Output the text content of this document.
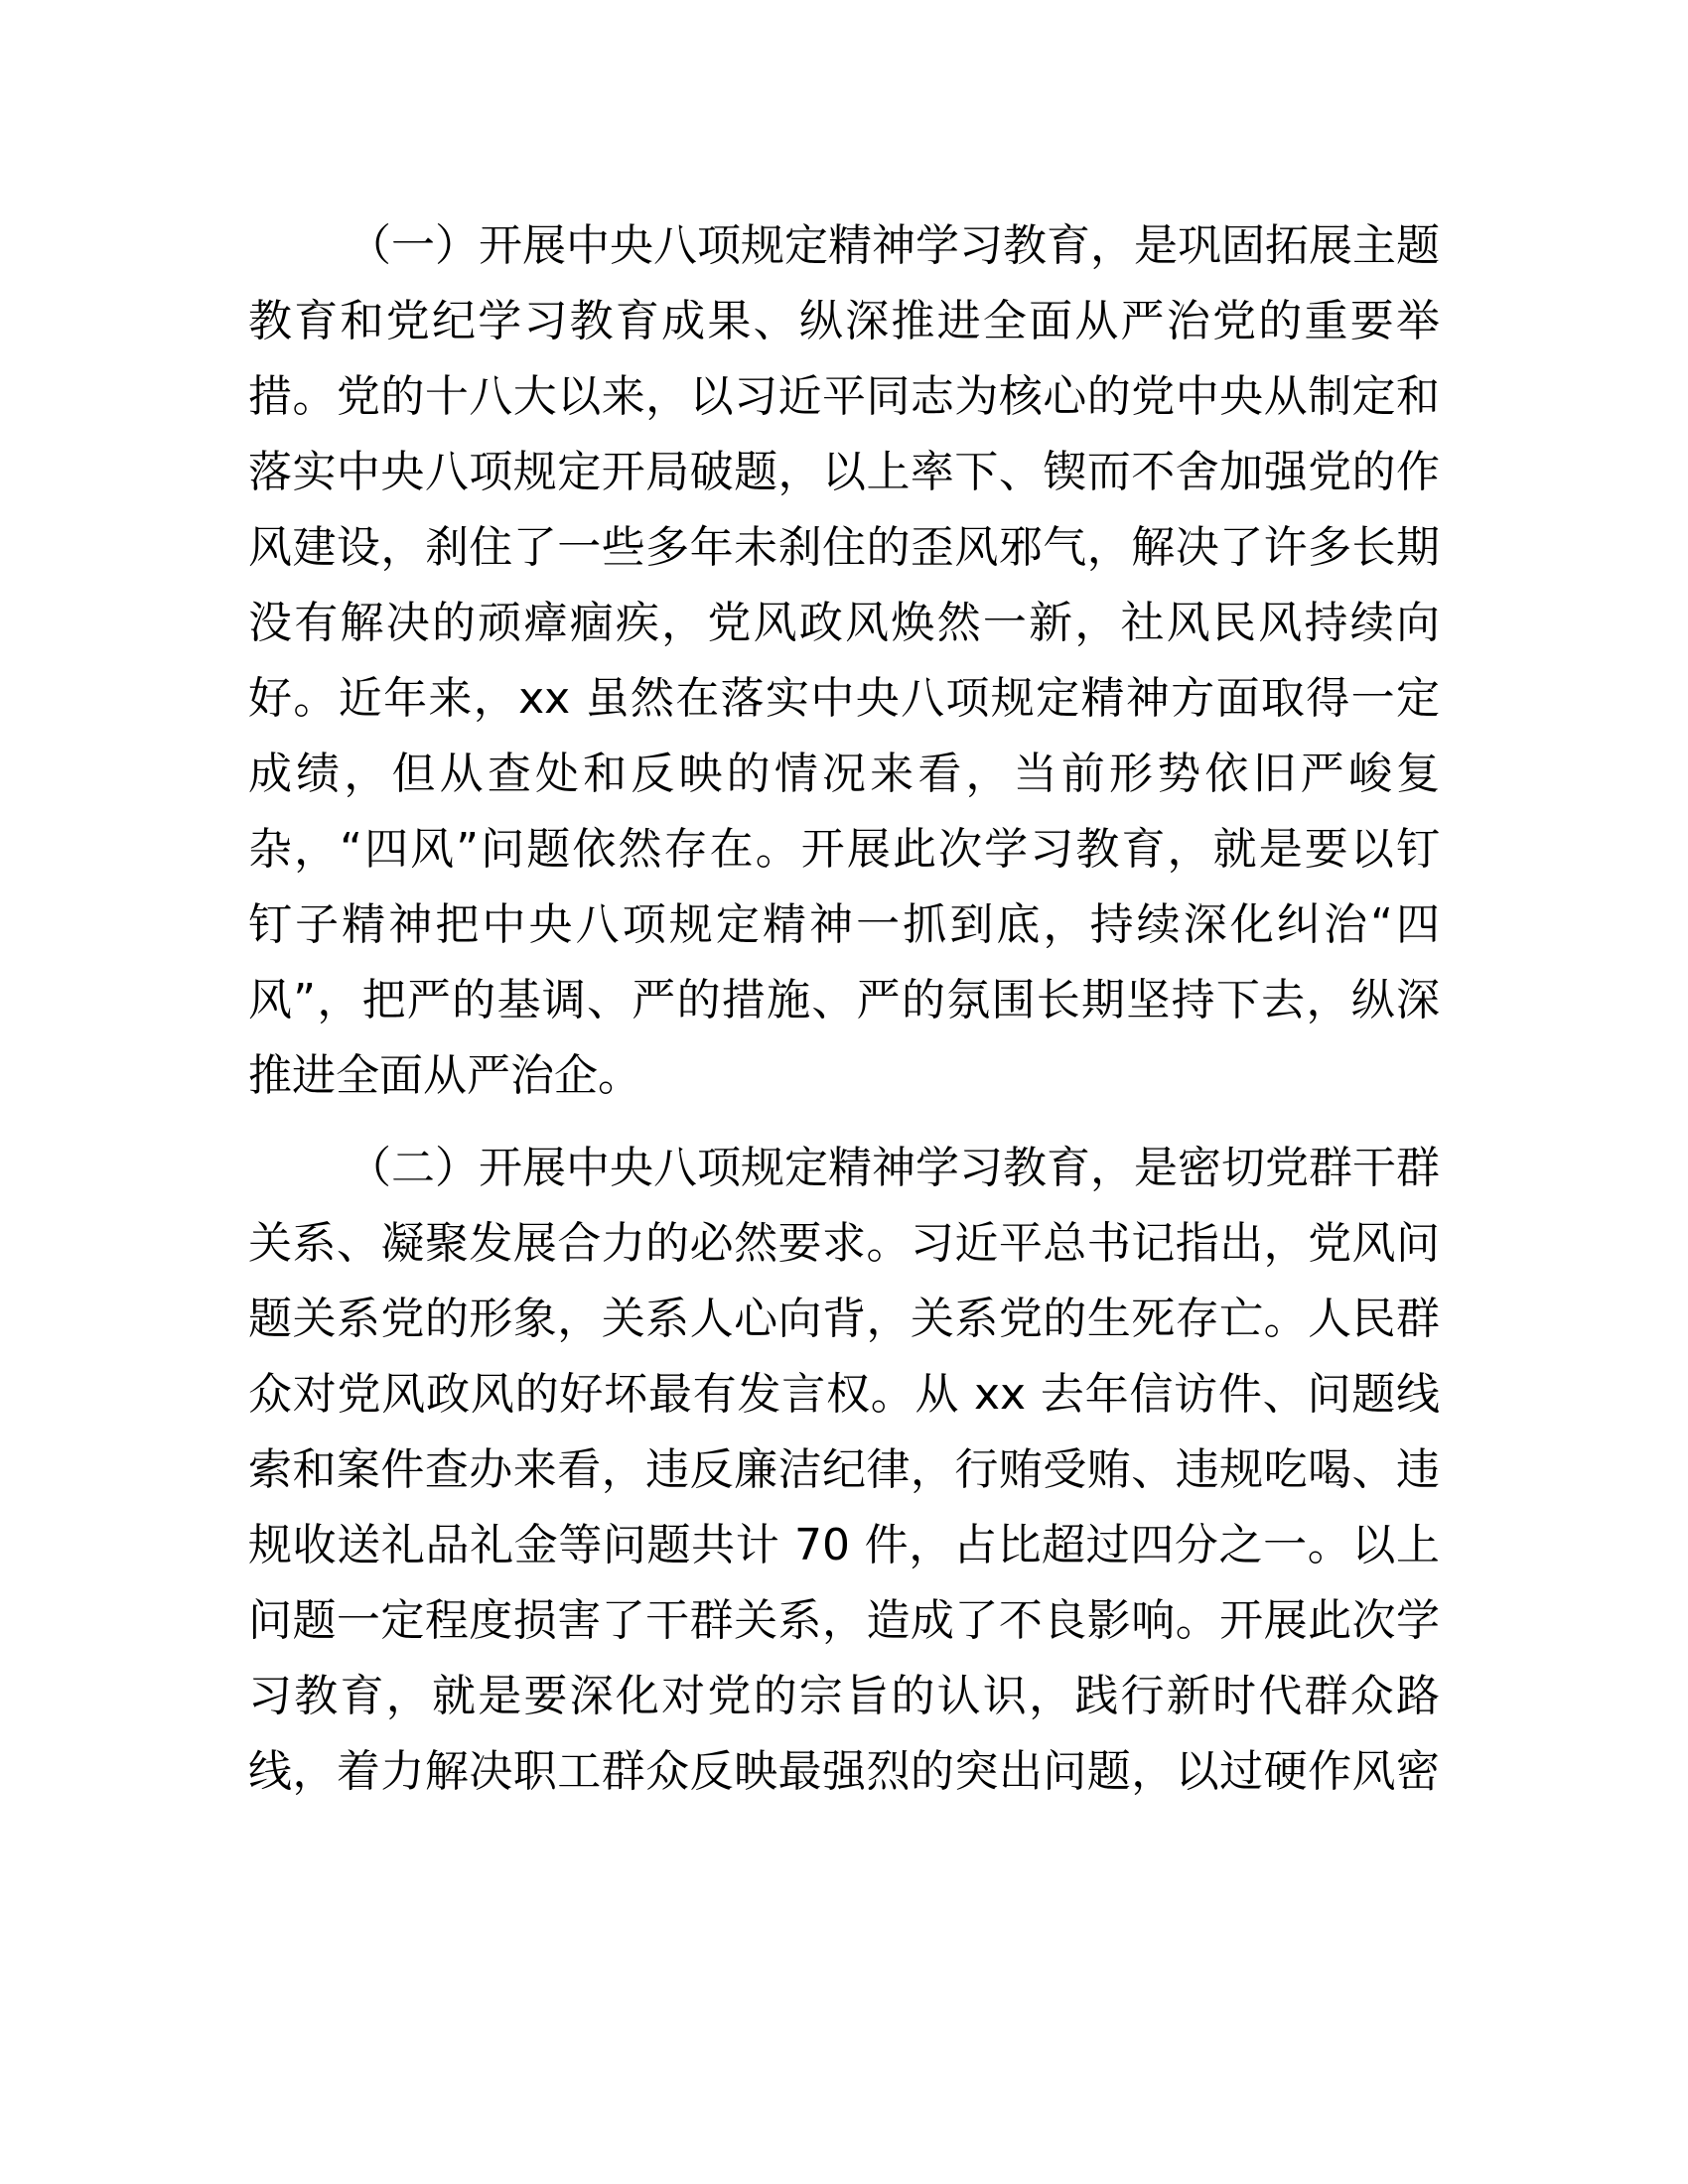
（一）开展中央八项规定精神学习教育，是巩固拓展主题
教育和党纪学习教育成果、纵深推进全面从严治党的重要举
措。党的十八大以来，以习近平同志为核心的党中央从制定和
落实中央八项规定开局破题，以上率下、锲而不舍加强党的作
风建设，刹住了一些多年未刹住的歪风邪气，解决了许多长期
没有解决的顽瘴痼疾，党风政风焕然一新，社风民风持续向
好。近年来，xx 虽然在落实中央八项规定精神方面取得一定
成绩，但从查处和反映的情况来看，当前形势依旧严峻复
杂，“四风”问题依然存在。开展此次学习教育，就是要以钉
钉子精神把中央八项规定精神一抓到底，持续深化纠治“四
风”，把严的基调、严的措施、严的氛围长期坚持下去，纵深
推进全面从严治企。
（二）开展中央八项规定精神学习教育，是密切党群干群
关系、凝聚发展合力的必然要求。习近平总书记指出，党风问
题关系党的形象，关系人心向背，关系党的生死存亡。人民群
众对党风政风的好坏最有发言权。从 xx 去年信访件、问题线
索和案件查办来看，违反廉洁纪律，行贿受贿、违规吃喝、违
规收送礼品礼金等问题共计 70 件，占比超过四分之一。以上
问题一定程度损害了干群关系，造成了不良影响。开展此次学
习教育，就是要深化对党的宗旨的认识，践行新时代群众路
线，着力解决职工群众反映最强烈的突出问题，以过硬作风密
